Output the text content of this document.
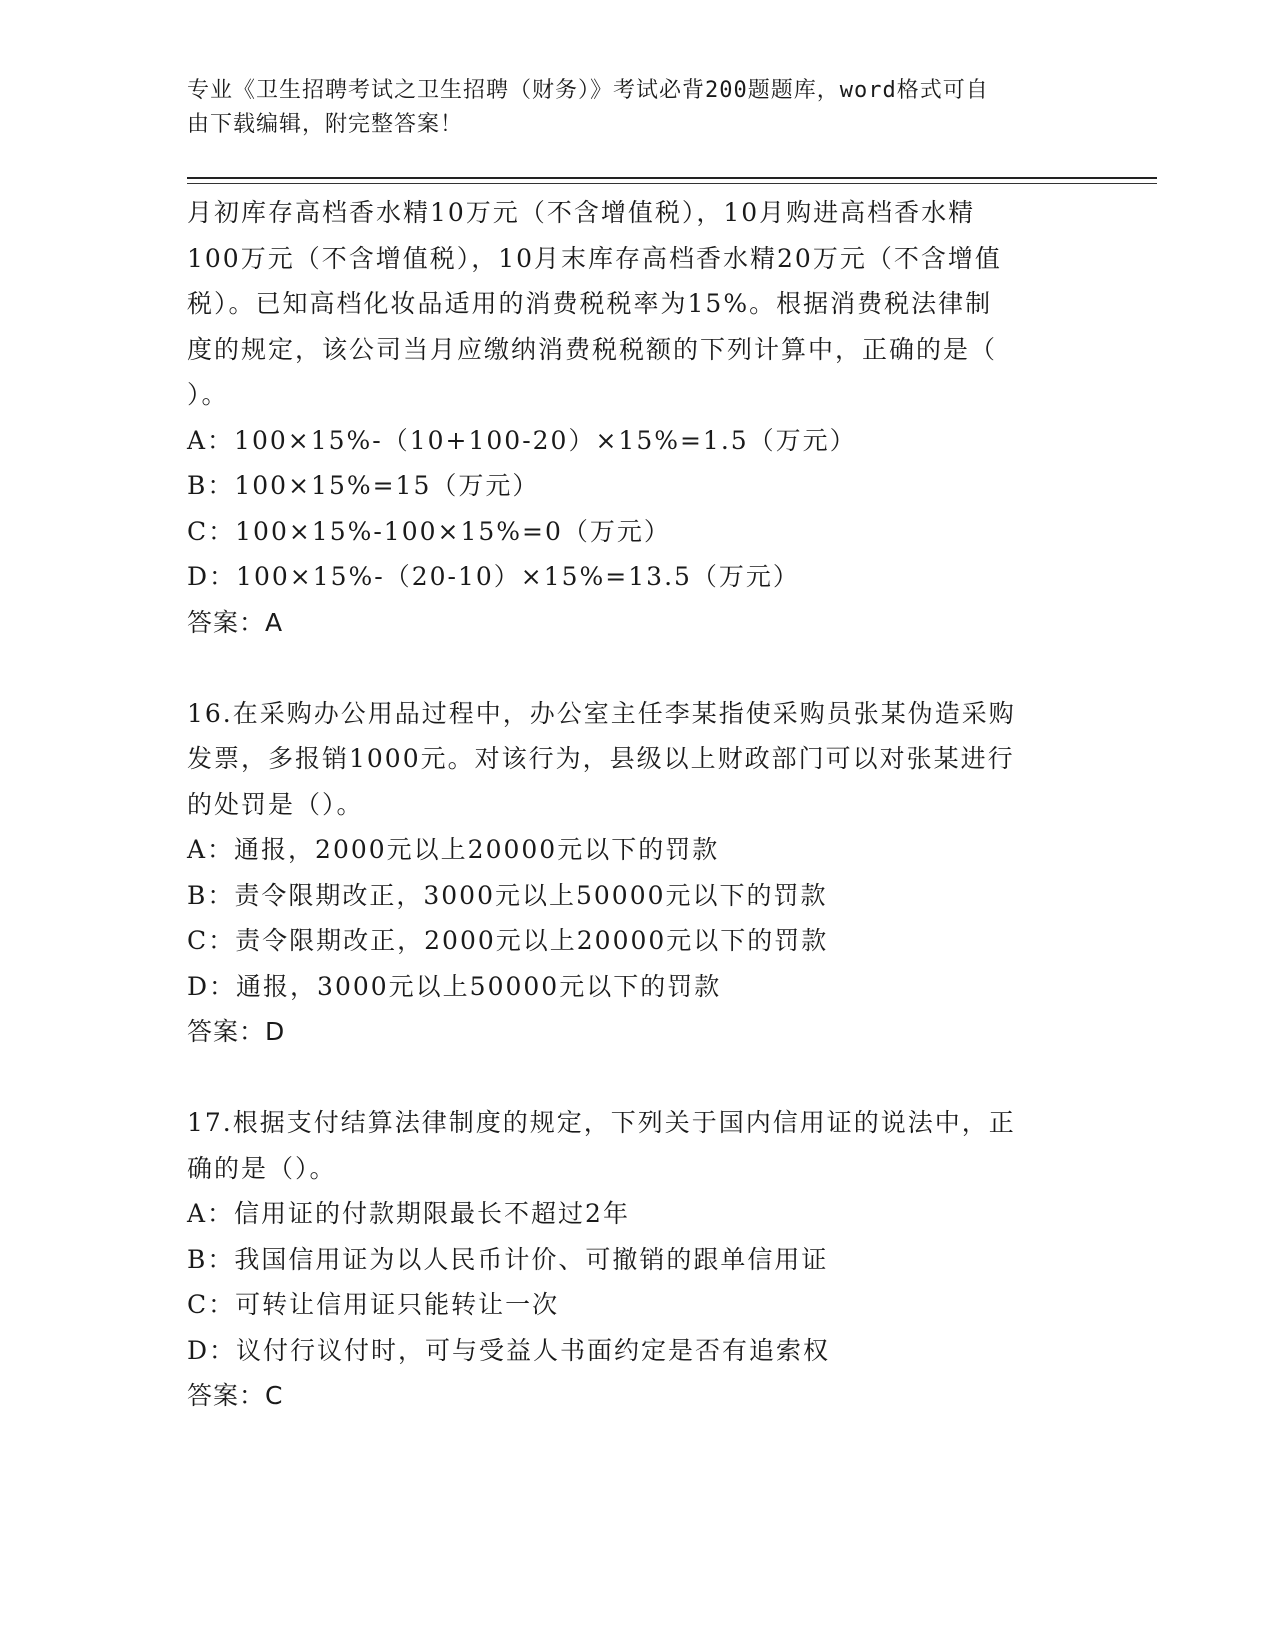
专业《卫生招聘考试之卫生招聘（财务）》考试必背200题题库，word格式可自
由下载编辑，附完整答案！

月初库存高档香水精10万元（不含增值税），10月购进高档香水精

100万元（不含增值税），10月末库存高档香水精20万元（不含增值

税）。已知高档化妆品适用的消费税税率为15%。根据消费税法律制

度的规定，该公司当月应缴纳消费税税额的下列计算中，正确的是（

）。

A：100×15%-（10+100-20）×15%=1.5（万元）

B：100×15%=15（万元）

C：100×15%-100×15%=0（万元）

D：100×15%-（20-10）×15%=13.5（万元）

答案：A

16.在采购办公用品过程中，办公室主任李某指使采购员张某伪造采购

发票，多报销1000元。对该行为，县级以上财政部门可以对张某进行

的处罚是（）。

A：通报，2000元以上20000元以下的罚款

B：责令限期改正，3000元以上50000元以下的罚款

C：责令限期改正，2000元以上20000元以下的罚款

D：通报，3000元以上50000元以下的罚款

答案：D

17.根据支付结算法律制度的规定，下列关于国内信用证的说法中，正

确的是（）。

A：信用证的付款期限最长不超过2年

B：我国信用证为以人民币计价、可撤销的跟单信用证

C：可转让信用证只能转让一次

D：议付行议付时，可与受益人书面约定是否有追索权

答案：C
